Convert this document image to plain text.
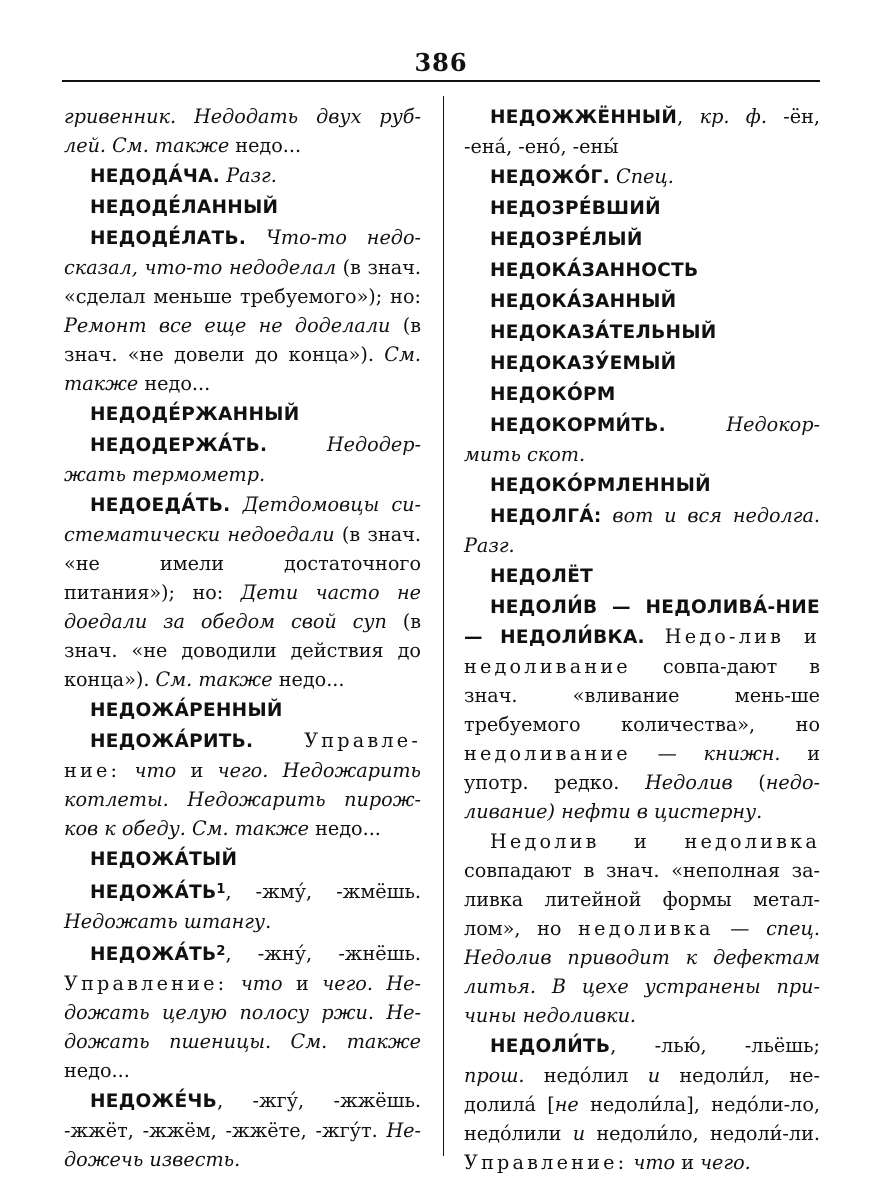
386

гривенник. Недодать двух руб-лей. См. также недо...

НЕДОДА́ЧА. Разг.

НЕДОДЕ́ЛАННЫЙ

НЕДОДЕ́ЛАТЬ. Что-то недо-сказал, что-то недоделал (в знач. «сделал меньше требуемого»); но: Ремонт все еще не доделали (в знач. «не довели до конца»). См. также недо...

НЕДОДЕ́РЖАННЫЙ

НЕДОДЕРЖА́ТЬ. Недодер-жать термометр.

НЕДОЕДА́ТЬ. Детдомовцы си-стематически недоедали (в знач. «не имели достаточного питания»); но: Дети часто не доедали за обедом свой суп (в знач. «не доводили действия до конца»). См. также недо...

НЕДОЖА́РЕННЫЙ

НЕДОЖА́РИТЬ. Управле-ние: что и чего. Недожарить котлеты. Недожарить пирож-ков к обеду. См. также недо...

НЕДОЖА́ТЫЙ

$НЕДОЖА́ТЬ^1$, -жму́, -жмёшь. Недожать штангу.

$НЕДОЖА́ТЬ^2$, -жну́, -жнёшь. Управление: что и чего. Не-дожать целую полосу ржи. Не-дожать пшеницы. См. также недо...

НЕДОЖЕ́ЧЬ, -жгу́, -жжёшь. -жжёт, -жжём, -жжёте, -жгу́т. Не-дожечь известь.

НЕДОЖЖЁННЫЙ, кр. ф. -ён, -ена́, -ено́, -ены́

НЕДОЖО́Г. Спец.

НЕДОЗРЕ́ВШИЙ

НЕДОЗРЕ́ЛЫЙ

НЕДОКА́ЗАННОСТЬ

НЕДОКА́ЗАННЫЙ

НЕДОКАЗА́ТЕЛЬНЫЙ

НЕДОКАЗУ́ЕМЫЙ

НЕДОКО́РМ

НЕДОКОРМИ́ТЬ. Недокор-мить скот.

НЕДОКО́РМЛЕННЫЙ

НЕДОЛГА́: вот и вся недолга. Разг.

НЕДОЛЁТ

НЕДОЛИ́В — НЕДОЛИВА́-НИЕ — НЕДОЛИ́ВКА. Недо-лив и недоливание совпа-дают в знач. «вливание мень-ше требуемого количества», но недоливание — книжн. и употр. редко. Недолив (недо-ливание) нефти в цистерну.

Недолив и недоливка совпадают в знач. «неполная за-ливка литейной формы метал-лом», но недоливка — спец. Недолив приводит к дефектам литья. В цехе устранены при-чины недоливки.

НЕДОЛИ́ТЬ, -лью́, -льёшь; прош. недо́лил и недоли́л, не-долила́ [не недоли́ла], недо́ли-ло, недо́лили и недоли́ло, недоли́-ли. Управление: что и чего.
